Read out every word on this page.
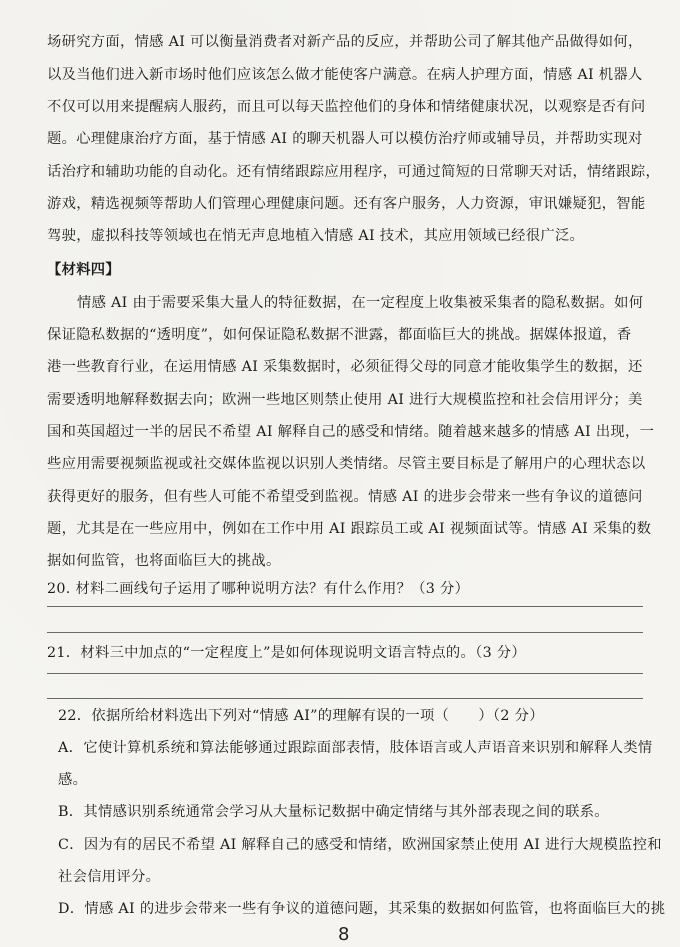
场研究方面，情感 AI 可以衡量消费者对新产品的反应，并帮助公司了解其他产品做得如何，
以及当他们进入新市场时他们应该怎么做才能使客户满意。在病人护理方面，情感 AI 机器人
不仅可以用来提醒病人服药，而且可以每天监控他们的身体和情绪健康状况，以观察是否有问
题。心理健康治疗方面，基于情感 AI 的聊天机器人可以模仿治疗师或辅导员，并帮助实现对
话治疗和辅助功能的自动化。还有情绪跟踪应用程序，可通过简短的日常聊天对话，情绪跟踪，
游戏，精选视频等帮助人们管理心理健康问题。还有客户服务，人力资源，审讯嫌疑犯，智能
驾驶，虚拟科技等领域也在悄无声息地植入情感 AI 技术，其应用领域已经很广泛。
【材料四】
情感 AI 由于需要采集大量人的特征数据，在一定程度上收集被采集者的隐私数据。如何
保证隐私数据的“透明度”，如何保证隐私数据不泄露，都面临巨大的挑战。据媒体报道，香
港一些教育行业，在运用情感 AI 采集数据时，必须征得父母的同意才能收集学生的数据，还
需要透明地解释数据去向；欧洲一些地区则禁止使用 AI 进行大规模监控和社会信用评分；美
国和英国超过一半的居民不希望 AI 解释自己的感受和情绪。随着越来越多的情感 AI 出现，一
些应用需要视频监视或社交媒体监视以识别人类情绪。尽管主要目标是了解用户的心理状态以
获得更好的服务，但有些人可能不希望受到监视。情感 AI 的进步会带来一些有争议的道德问
题，尤其是在一些应用中，例如在工作中用 AI 跟踪员工或 AI 视频面试等。情感 AI 采集的数
据如何监管，也将面临巨大的挑战。
20. 材料二画线句子运用了哪种说明方法？有什么作用？（3 分）
21．材料三中加点的“一定程度上”是如何体现说明文语言特点的。（3 分）
22．依据所给材料选出下列对“情感 AI”的理解有误的一项（　　）（2 分）
A．它使计算机系统和算法能够通过跟踪面部表情，肢体语言或人声语音来识别和解释人类情
感。
B．其情感识别系统通常会学习从大量标记数据中确定情绪与其外部表现之间的联系。
C．因为有的居民不希望 AI 解释自己的感受和情绪，欧洲国家禁止使用 AI 进行大规模监控和
社会信用评分。
D．情感 AI 的进步会带来一些有争议的道德问题，其采集的数据如何监管，也将面临巨大的挑
8
